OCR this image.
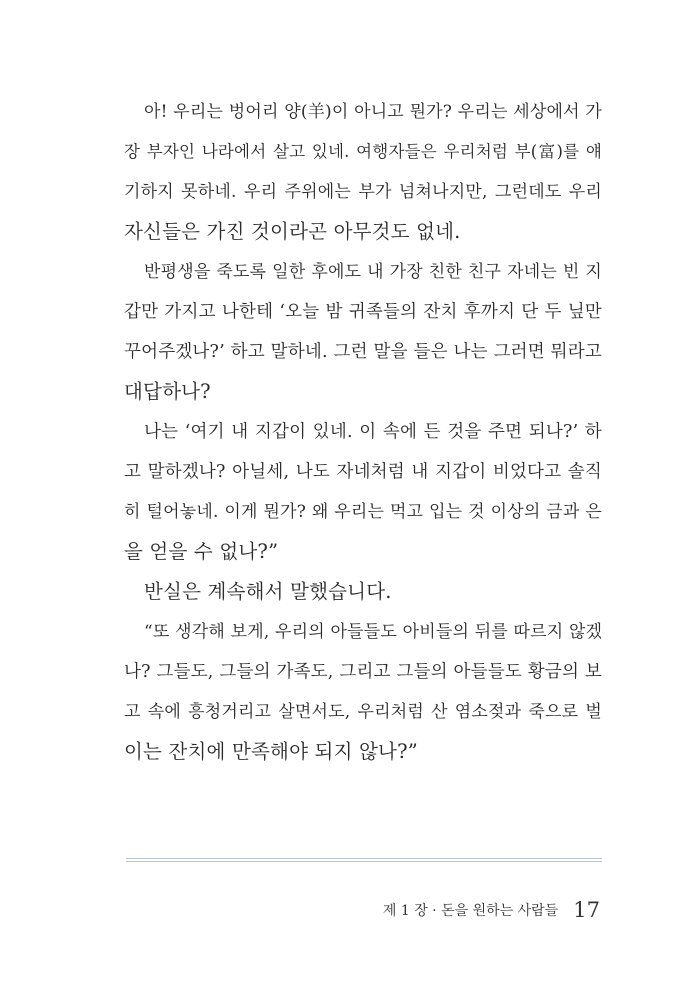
아! 우리는 벙어리 양(羊)이 아니고 뭔가? 우리는 세상에서 가
장 부자인 나라에서 살고 있네. 여행자들은 우리처럼 부(富)를 얘
기하지 못하네. 우리 주위에는 부가 넘쳐나지만, 그런데도 우리
자신들은 가진 것이라곤 아무것도 없네.
반평생을 죽도록 일한 후에도 내 가장 친한 친구 자네는 빈 지
갑만 가지고 나한테 ‘오늘 밤 귀족들의 잔치 후까지 단 두 닢만
꾸어주겠나?’ 하고 말하네. 그런 말을 들은 나는 그러면 뭐라고
대답하나?
나는 ‘여기 내 지갑이 있네. 이 속에 든 것을 주면 되나?’ 하
고 말하겠나? 아닐세, 나도 자네처럼 내 지갑이 비었다고 솔직
히 털어놓네. 이게 뭔가? 왜 우리는 먹고 입는 것 이상의 금과 은
을 얻을 수 없나?”
반실은 계속해서 말했습니다.
“또 생각해 보게, 우리의 아들들도 아비들의 뒤를 따르지 않겠
나? 그들도, 그들의 가족도, 그리고 그들의 아들들도 황금의 보
고 속에 흥청거리고 살면서도, 우리처럼 산 염소젖과 죽으로 벌
이는 잔치에 만족해야 되지 않나?”
제 1 장 · 돈을 원하는 사람들 17
